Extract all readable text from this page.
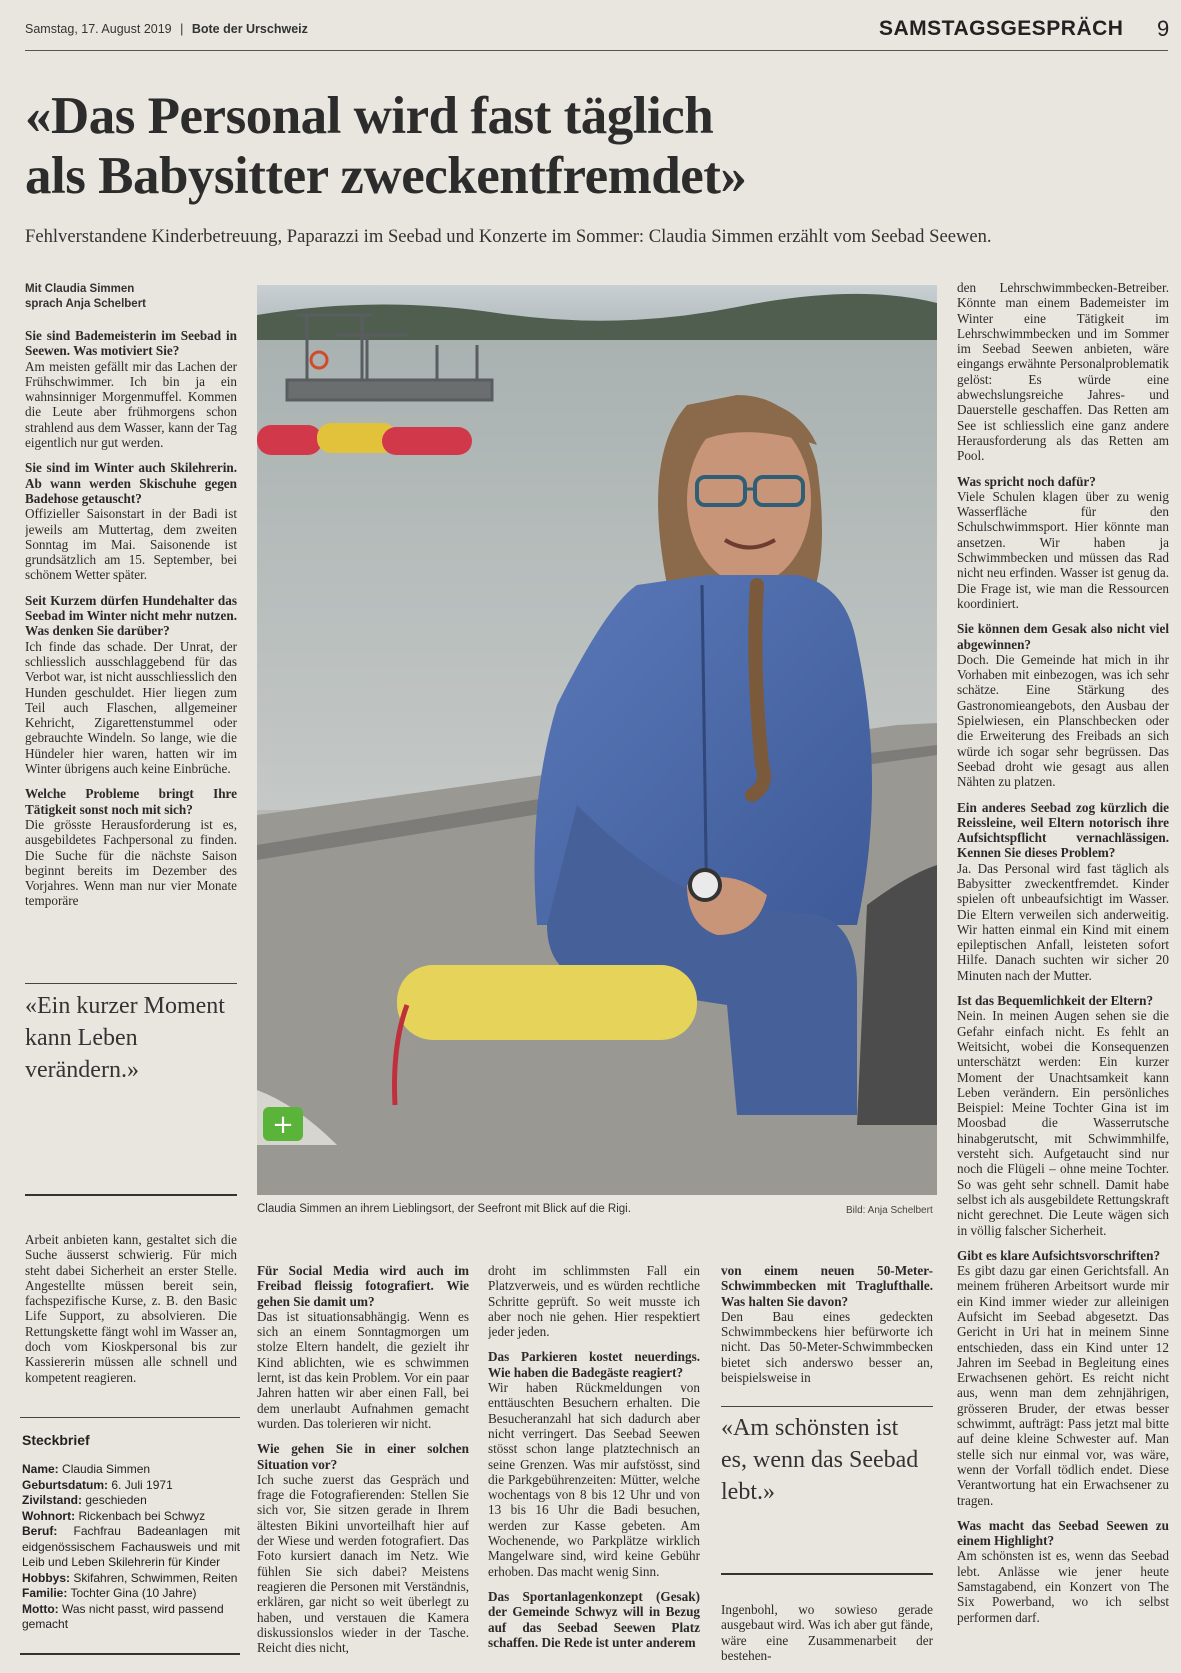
Samstag, 17. August 2019 | Bote der Urschweiz	SAMSTAGSGESPRÄCH 9
«Das Personal wird fast täglich
als Babysitter zweckentfremdet»
Fehlverstandene Kinderbetreuung, Paparazzi im Seebad und Konzerte im Sommer: Claudia Simmen erzählt vom Seebad Seewen.
Mit Claudia Simmen
sprach Anja Schelbert
Sie sind Bademeisterin im Seebad in Seewen. Was motiviert Sie?
Am meisten gefällt mir das Lachen der Frühschwimmer. Ich bin ja ein wahnsinniger Morgenmuffel. Kommen die Leute aber frühmorgens schon strahlend aus dem Wasser, kann der Tag eigentlich nur gut werden.
Sie sind im Winter auch Skilehrerin. Ab wann werden Skischuhe gegen Badehose getauscht?
Offizieller Saisonstart in der Badi ist jeweils am Muttertag, dem zweiten Sonntag im Mai. Saisonende ist grundsätzlich am 15. September, bei schönem Wetter später.
Seit Kurzem dürfen Hundehalter das Seebad im Winter nicht mehr nutzen. Was denken Sie darüber?
Ich finde das schade. Der Unrat, der schliesslich ausschlaggebend für das Verbot war, ist nicht ausschliesslich den Hunden geschuldet. Hier liegen zum Teil auch Flaschen, allgemeiner Kehricht, Zigarettenstummel oder gebrauchte Windeln. So lange, wie die Hündeler hier waren, hatten wir im Winter übrigens auch keine Einbrüche.
Welche Probleme bringt Ihre Tätigkeit sonst noch mit sich?
Die grösste Herausforderung ist es, ausgebildetes Fachpersonal zu finden. Die Suche für die nächste Saison beginnt bereits im Dezember des Vorjahres. Wenn man nur vier Monate temporäre
«Ein kurzer Moment kann Leben verändern.»
Arbeit anbieten kann, gestaltet sich die Suche äusserst schwierig. Für mich steht dabei Sicherheit an erster Stelle. Angestellte müssen bereit sein, fachspezifische Kurse, z. B. den Basic Life Support, zu absolvieren. Die Rettungskette fängt wohl im Wasser an, doch vom Kioskpersonal bis zur Kassiererin müssen alle schnell und kompetent reagieren.
Steckbrief
Name: Claudia Simmen
Geburtsdatum: 6. Juli 1971
Zivilstand: geschieden
Wohnort: Rickenbach bei Schwyz
Beruf: Fachfrau Badeanlagen mit eidgenössischem Fachausweis und mit Leib und Leben Skilehrerin für Kinder
Hobbys: Skifahren, Schwimmen, Reiten
Familie: Tochter Gina (10 Jahre)
Motto: Was nicht passt, wird passend gemacht
+
Claudia Simmen an ihrem Lieblingsort, der Seefront mit Blick auf die Rigi.	Bild: Anja Schelbert
Für Social Media wird auch im Freibad fleissig fotografiert. Wie gehen Sie damit um?
Das ist situationsabhängig. Wenn es sich an einem Sonntagmorgen um stolze Eltern handelt, die gezielt ihr Kind ablichten, wie es schwimmen lernt, ist das kein Problem. Vor ein paar Jahren hatten wir aber einen Fall, bei dem unerlaubt Aufnahmen gemacht wurden. Das tolerieren wir nicht.
Wie gehen Sie in einer solchen Situation vor?
Ich suche zuerst das Gespräch und frage die Fotografierenden: Stellen Sie sich vor, Sie sitzen gerade in Ihrem ältesten Bikini unvorteilhaft hier auf der Wiese und werden fotografiert. Das Foto kursiert danach im Netz. Wie fühlen Sie sich dabei? Meistens reagieren die Personen mit Verständnis, erklären, gar nicht so weit überlegt zu haben, und verstauen die Kamera diskussionslos wieder in der Tasche. Reicht dies nicht,
droht im schlimmsten Fall ein Platzverweis, und es würden rechtliche Schritte geprüft. So weit musste ich aber noch nie gehen. Hier respektiert jeder jeden.
Das Parkieren kostet neuerdings. Wie haben die Badegäste reagiert?
Wir haben Rückmeldungen von enttäuschten Besuchern erhalten. Die Besucheranzahl hat sich dadurch aber nicht verringert. Das Seebad Seewen stösst schon lange platztechnisch an seine Grenzen. Was mir aufstösst, sind die Parkgebührenzeiten: Mütter, welche wochentags von 8 bis 12 Uhr und von 13 bis 16 Uhr die Badi besuchen, werden zur Kasse gebeten. Am Wochenende, wo Parkplätze wirklich Mangelware sind, wird keine Gebühr erhoben. Das macht wenig Sinn.
Das Sportanlagenkonzept (Gesak) der Gemeinde Schwyz will in Bezug auf das Seebad Seewen Platz schaffen. Die Rede ist unter anderem
von einem neuen 50-Meter-Schwimmbecken mit Traglufthalle. Was halten Sie davon?
Den Bau eines gedeckten Schwimmbeckens hier befürworte ich nicht. Das 50-Meter-Schwimmbecken bietet sich anderswo besser an, beispielsweise in
«Am schönsten ist es, wenn das Seebad lebt.»
Ingenbohl, wo sowieso gerade ausgebaut wird. Was ich aber gut fände, wäre eine Zusammenarbeit der bestehen-
den Lehrschwimmbecken-Betreiber. Könnte man einem Bademeister im Winter eine Tätigkeit im Lehrschwimmbecken und im Sommer im Seebad Seewen anbieten, wäre eingangs erwähnte Personalproblematik gelöst: Es würde eine abwechslungsreiche Jahres- und Dauerstelle geschaffen. Das Retten am See ist schliesslich eine ganz andere Herausforderung als das Retten am Pool.
Was spricht noch dafür?
Viele Schulen klagen über zu wenig Wasserfläche für den Schulschwimmsport. Hier könnte man ansetzen. Wir haben ja Schwimmbecken und müssen das Rad nicht neu erfinden. Wasser ist genug da. Die Frage ist, wie man die Ressourcen koordiniert.
Sie können dem Gesak also nicht viel abgewinnen?
Doch. Die Gemeinde hat mich in ihr Vorhaben mit einbezogen, was ich sehr schätze. Eine Stärkung des Gastronomieangebots, den Ausbau der Spielwiesen, ein Planschbecken oder die Erweiterung des Freibads an sich würde ich sogar sehr begrüssen. Das Seebad droht wie gesagt aus allen Nähten zu platzen.
Ein anderes Seebad zog kürzlich die Reissleine, weil Eltern notorisch ihre Aufsichtspflicht vernachlässigen. Kennen Sie dieses Problem?
Ja. Das Personal wird fast täglich als Babysitter zweckentfremdet. Kinder spielen oft unbeaufsichtigt im Wasser. Die Eltern verweilen sich anderweitig. Wir hatten einmal ein Kind mit einem epileptischen Anfall, leisteten sofort Hilfe. Danach suchten wir sicher 20 Minuten nach der Mutter.
Ist das Bequemlichkeit der Eltern?
Nein. In meinen Augen sehen sie die Gefahr einfach nicht. Es fehlt an Weitsicht, wobei die Konsequenzen unterschätzt werden: Ein kurzer Moment der Unachtsamkeit kann Leben verändern. Ein persönliches Beispiel: Meine Tochter Gina ist im Moosbad die Wasserrutsche hinabgerutscht, mit Schwimmhilfe, versteht sich. Aufgetaucht sind nur noch die Flügeli – ohne meine Tochter. So was geht sehr schnell. Damit habe selbst ich als ausgebildete Rettungskraft nicht gerechnet. Die Leute wägen sich in völlig falscher Sicherheit.
Gibt es klare Aufsichtsvorschriften?
Es gibt dazu gar einen Gerichtsfall. An meinem früheren Arbeitsort wurde mir ein Kind immer wieder zur alleinigen Aufsicht im Seebad abgesetzt. Das Gericht in Uri hat in meinem Sinne entschieden, dass ein Kind unter 12 Jahren im Seebad in Begleitung eines Erwachsenen gehört. Es reicht nicht aus, wenn man dem zehnjährigen, grösseren Bruder, der etwas besser schwimmt, aufträgt: Pass jetzt mal bitte auf deine kleine Schwester auf. Man stelle sich nur einmal vor, was wäre, wenn der Vorfall tödlich endet. Diese Verantwortung hat ein Erwachsener zu tragen.
Was macht das Seebad Seewen zu einem Highlight?
Am schönsten ist es, wenn das Seebad lebt. Anlässe wie jener heute Samstagabend, ein Konzert von The Six Powerband, wo ich selbst performen darf.
